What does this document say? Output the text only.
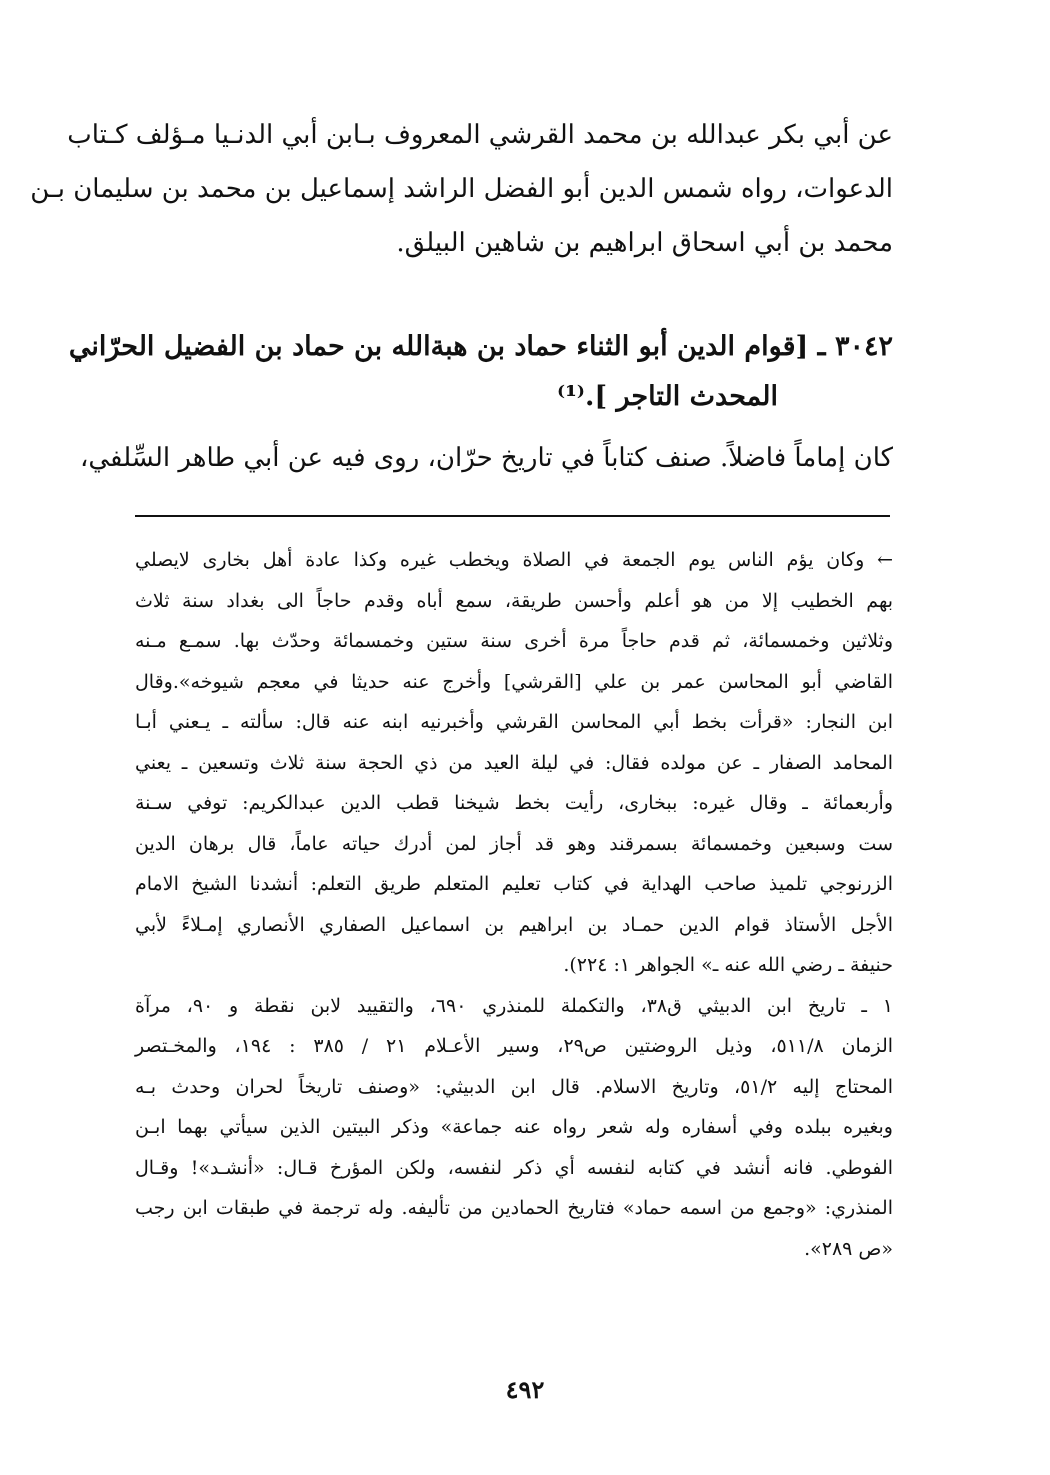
عن أبي بكر عبدالله بن محمد القرشي المعروف بـابن أبي الدنـيا مـؤلف كـتاب
الدعوات، رواه شمس الدين أبو الفضل الراشد إسماعيل بن محمد بن سليمان بـن
محمد بن أبي اسحاق ابراهيم بن شاهين البيلق.
٣٠٤٢ ـ [قوام الدين أبو الثناء حماد بن هبةالله بن حماد بن الفضيل الحرّاني
المحدث التاجر ].⁽¹⁾
كان إماماً فاضلاً. صنف كتاباً في تاريخ حرّان، روى فيه عن أبي طاهر السِّلفي،
← وكان يؤم الناس يوم الجمعة في الصلاة ويخطب غيره وكذا عادة أهل بخارى لايصلي
بهم الخطيب إلا من هو أعلم وأحسن طريقة، سمع أباه وقدم حاجاً الى بغداد سنة ثلاث
وثلاثين وخمسمائة، ثم قدم حاجاً مرة أخرى سنة ستين وخمسمائة وحدّث بها. سمـع مـنه
القاضي أبو المحاسن عمر بن علي [القرشي] وأخرج عنه حديثا في معجم شيوخه».وقال
ابن النجار: «قرأت بخط أبي المحاسن القرشي وأخبرنيه ابنه عنه قال: سألته ـ يـعني أبـا
المحامد الصفار ـ عن مولده فقال: في ليلة العيد من ذي الحجة سنة ثلاث وتسعين ـ يعني
وأربعمائة ـ وقال غيره: ببخارى، رأيت بخط شيخنا قطب الدين عبدالكريم: توفي سـنة
ست وسبعين وخمسمائة بسمرقند وهو قد أجاز لمن أدرك حياته عاماً، قال برهان الدين
الزرنوجي تلميذ صاحب الهداية في كتاب تعليم المتعلم طريق التعلم: أنشدنا الشيخ الامام
الأجل الأستاذ قوام الدين حمـاد بن ابراهيم بن اسماعيل الصفاري الأنصاري إمـلاءً لأبي
حنيفة ـ رضي الله عنه ـ» الجواهر ١: ٢٢٤).
١ ـ تاريخ ابن الدبيثي ق٣٨، والتكملة للمنذري ٦٩٠، والتقييد لابن نقطة و ٩٠، مرآة
الزمان ٥١١/٨، وذيل الروضتين ص٢٩، وسير الأعـلام ٢١ / ٣٨٥ : ١٩٤، والمخـتصر
المحتاج إليه ٥١/٢، وتاريخ الاسلام. قال ابن الدبيثي: «وصنف تاريخاً لحران وحدث بـه
وبغيره ببلده وفي أسفاره وله شعر رواه عنه جماعة» وذكر البيتين الذين سيأتي بهما ابـن
الفوطي. فانه أنشد في كتابه لنفسه أي ذكر لنفسه، ولكن المؤرخ قـال: «أنشـد»! وقـال
المنذري: «وجمع من اسمه حماد» فتاريخ الحمادين من تأليفه. وله ترجمة في طبقات ابن رجب
«ص ٢٨٩».
٤٩٢
